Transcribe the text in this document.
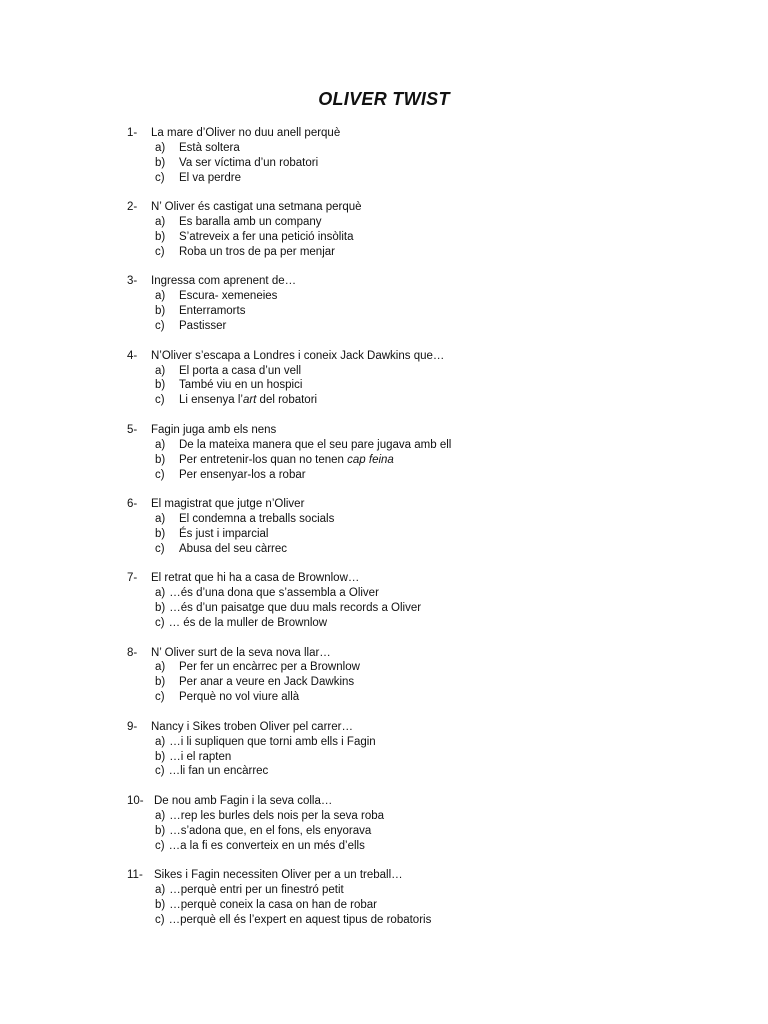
OLIVER TWIST
1-	La mare d’Oliver no duu anell perquè
a)	Està soltera
b)	Va ser víctima d’un robatori
c)	El va perdre
2-	N’ Oliver és castigat una setmana perquè
a)	Es baralla amb un company
b)	S’atreveix a fer una petició insòlita
c)	Roba un tros de pa per menjar
3-	Ingressa com aprenent de…
a)	Escura- xemeneies
b)	Enterramorts
c)	Pastisser
4-	N’Oliver s’escapa a Londres i coneix Jack Dawkins que…
a)	El porta a casa d’un vell
b)	També viu en un hospici
c)	Li ensenya l’art del robatori
5-	Fagin juga amb els nens
a)	De la mateixa manera que el seu pare jugava amb ell
b)	Per entretenir-los quan no tenen cap feina
c)	Per ensenyar-los a robar
6-	El magistrat que jutge n’Oliver
a)	El condemna a treballs socials
b)	És just i imparcial
c)	Abusa del seu càrrec
7-	El retrat que hi ha a casa de Brownlow…
a) …és d’una dona que s’assembla a Oliver
b) …és d’un paisatge que duu mals records a Oliver
c) … és de la muller de Brownlow
8-	N’ Oliver surt de la seva nova llar…
a)	Per fer un encàrrec per a Brownlow
b)	Per anar a veure en Jack Dawkins
c)	Perquè no vol viure allà
9-	Nancy i Sikes troben Oliver pel carrer…
a) …i li supliquen que torni amb ells i Fagin
b) …i el rapten
c) …li fan un encàrrec
10- De nou amb Fagin i la seva colla…
a) …rep les burles dels nois per la seva roba
b) …s’adona que, en el fons, els enyorava
c) …a la fi es converteix en un més d’ells
11- Sikes i Fagin necessiten Oliver per a un treball…
a) …perquè entri per un finestró petit
b) …perquè coneix la casa on han de robar
c) …perquè ell és l’expert en aquest tipus de robatoris
